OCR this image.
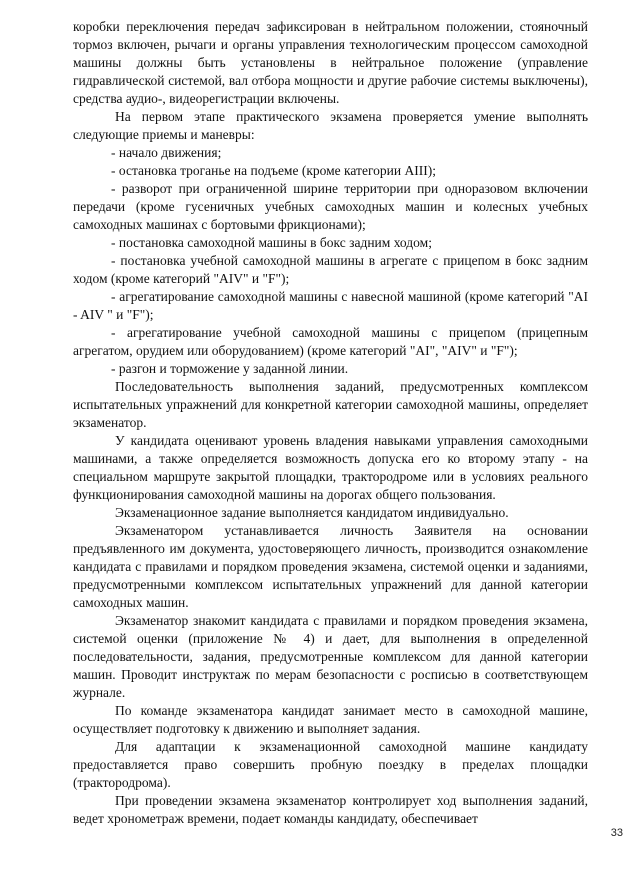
коробки переключения передач зафиксирован в нейтральном положении, стояночный тормоз включен, рычаги и органы управления технологическим процессом самоходной машины должны быть установлены в нейтральное положение (управление гидравлической системой, вал отбора мощности и другие рабочие системы выключены), средства аудио-, видеорегистрации включены.

На первом этапе практического экзамена проверяется умение выполнять следующие приемы и маневры:

- начало движения;

- остановка троганье на подъеме (кроме категории AIII);

- разворот при ограниченной ширине территории при одноразовом включении передачи (кроме гусеничных учебных самоходных машин и колесных учебных самоходных машинах с бортовыми фрикционами);

- постановка самоходной машины в бокс задним ходом;

- постановка учебной самоходной машины в агрегате с прицепом в бокс задним ходом (кроме категорий "AIV" и "F");

- агрегатирование самоходной машины с навесной машиной (кроме категорий "AI - AIV " и "F");

- агрегатирование учебной самоходной машины с прицепом (прицепным агрегатом, орудием или оборудованием) (кроме категорий "AI", "AIV" и "F");

- разгон и торможение у заданной линии.

Последовательность выполнения заданий, предусмотренных комплексом испытательных упражнений для конкретной категории самоходной машины, определяет экзаменатор.

У кандидата оценивают уровень владения навыками управления самоходными машинами, а также определяется возможность допуска его ко второму этапу - на специальном маршруте закрытой площадки, трактородроме или в условиях реального функционирования самоходной машины на дорогах общего пользования.

Экзаменационное задание выполняется кандидатом индивидуально.

Экзаменатором устанавливается личность Заявителя на основании предъявленного им документа, удостоверяющего личность, производится ознакомление кандидата с правилами и порядком проведения экзамена, системой оценки и заданиями, предусмотренными комплексом испытательных упражнений для данной категории самоходных машин.

Экзаменатор знакомит кандидата с правилами и порядком проведения экзамена, системой оценки (приложение № 4) и дает, для выполнения в определенной последовательности, задания, предусмотренные комплексом для данной категории машин. Проводит инструктаж по мерам безопасности с росписью в соответствующем журнале.

По команде экзаменатора кандидат занимает место в самоходной машине, осуществляет подготовку к движению и выполняет задания.

Для адаптации к экзаменационной самоходной машине кандидату предоставляется право совершить пробную поездку в пределах площадки (трактородрома).

При проведении экзамена экзаменатор контролирует ход выполнения заданий, ведет хронометраж времени, подает команды кандидату, обеспечивает

33
